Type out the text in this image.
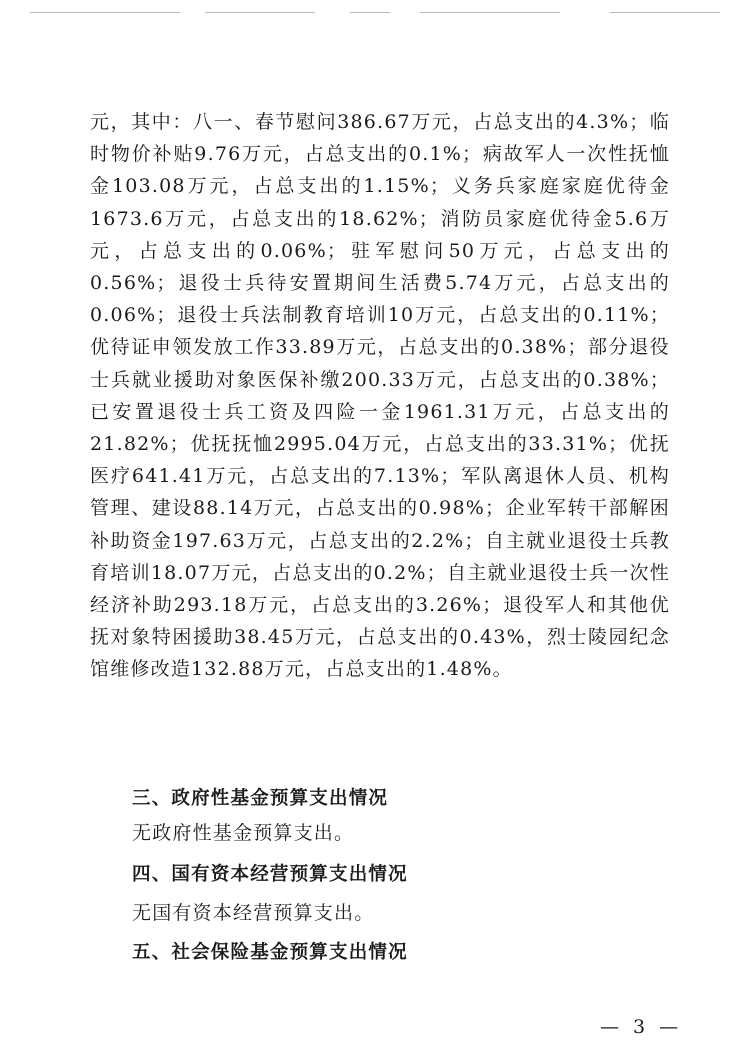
元，其中：八一、春节慰问386.67万元，占总支出的4.3%；临时物价补贴9.76万元，占总支出的0.1%；病故军人一次性抚恤金103.08万元，占总支出的1.15%；义务兵家庭家庭优待金1673.6万元，占总支出的18.62%；消防员家庭优待金5.6万元，占总支出的0.06%；驻军慰问50万元，占总支出的0.56%；退役士兵待安置期间生活费5.74万元，占总支出的0.06%；退役士兵法制教育培训10万元，占总支出的0.11%；优待证申领发放工作33.89万元，占总支出的0.38%；部分退役士兵就业援助对象医保补缴200.33万元，占总支出的0.38%；已安置退役士兵工资及四险一金1961.31万元，占总支出的21.82%；优抚抚恤2995.04万元，占总支出的33.31%；优抚医疗641.41万元，占总支出的7.13%；军队离退休人员、机构管理、建设88.14万元，占总支出的0.98%；企业军转干部解困补助资金197.63万元，占总支出的2.2%；自主就业退役士兵教育培训18.07万元，占总支出的0.2%；自主就业退役士兵一次性经济补助293.18万元，占总支出的3.26%；退役军人和其他优抚对象特困援助38.45万元，占总支出的0.43%，烈士陵园纪念馆维修改造132.88万元，占总支出的1.48%。

三、政府性基金预算支出情况

无政府性基金预算支出。

四、国有资本经营预算支出情况

无国有资本经营预算支出。

五、社会保险基金预算支出情况

— 3 —
